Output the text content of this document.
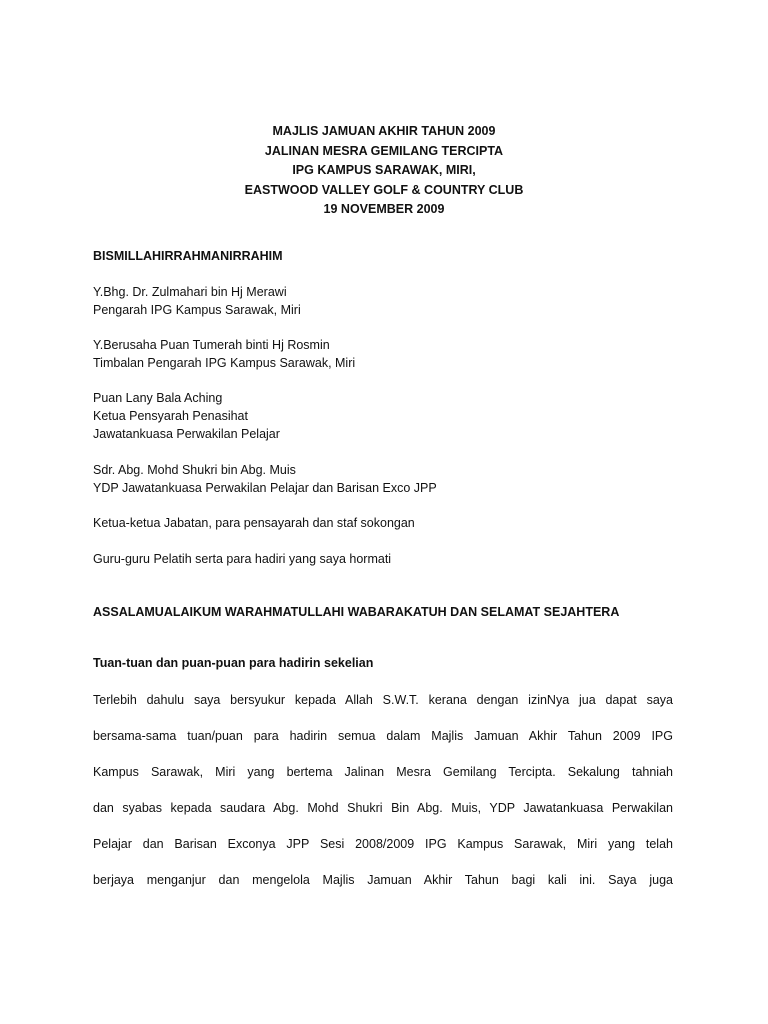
MAJLIS JAMUAN AKHIR TAHUN 2009
JALINAN MESRA GEMILANG TERCIPTA
IPG KAMPUS SARAWAK, MIRI,
EASTWOOD VALLEY GOLF & COUNTRY CLUB
19 NOVEMBER 2009
BISMILLAHIRRAHMANIRRAHIM
Y.Bhg. Dr. Zulmahari bin Hj Merawi
Pengarah IPG Kampus Sarawak, Miri
Y.Berusaha Puan Tumerah binti Hj Rosmin
Timbalan Pengarah IPG Kampus Sarawak, Miri
Puan Lany Bala Aching
Ketua Pensyarah Penasihat
Jawatankuasa Perwakilan Pelajar
Sdr. Abg. Mohd Shukri bin Abg. Muis
YDP Jawatankuasa Perwakilan Pelajar dan Barisan Exco JPP
Ketua-ketua Jabatan, para pensayarah dan staf sokongan
Guru-guru Pelatih serta para hadiri yang saya hormati
ASSALAMUALAIKUM WARAHMATULLAHI WABARAKATUH DAN SELAMAT SEJAHTERA
Tuan-tuan dan puan-puan para hadirin sekelian
Terlebih dahulu saya bersyukur kepada Allah S.W.T. kerana dengan izinNya jua dapat saya
bersama-sama tuan/puan para hadirin semua dalam Majlis Jamuan Akhir Tahun 2009 IPG
Kampus Sarawak, Miri yang bertema Jalinan Mesra Gemilang Tercipta. Sekalung tahniah
dan syabas kepada saudara Abg. Mohd Shukri Bin Abg. Muis, YDP Jawatankuasa Perwakilan
Pelajar dan Barisan Exconya JPP Sesi 2008/2009 IPG Kampus Sarawak, Miri yang telah
berjaya menganjur dan mengelola Majlis Jamuan Akhir Tahun bagi kali ini. Saya juga
